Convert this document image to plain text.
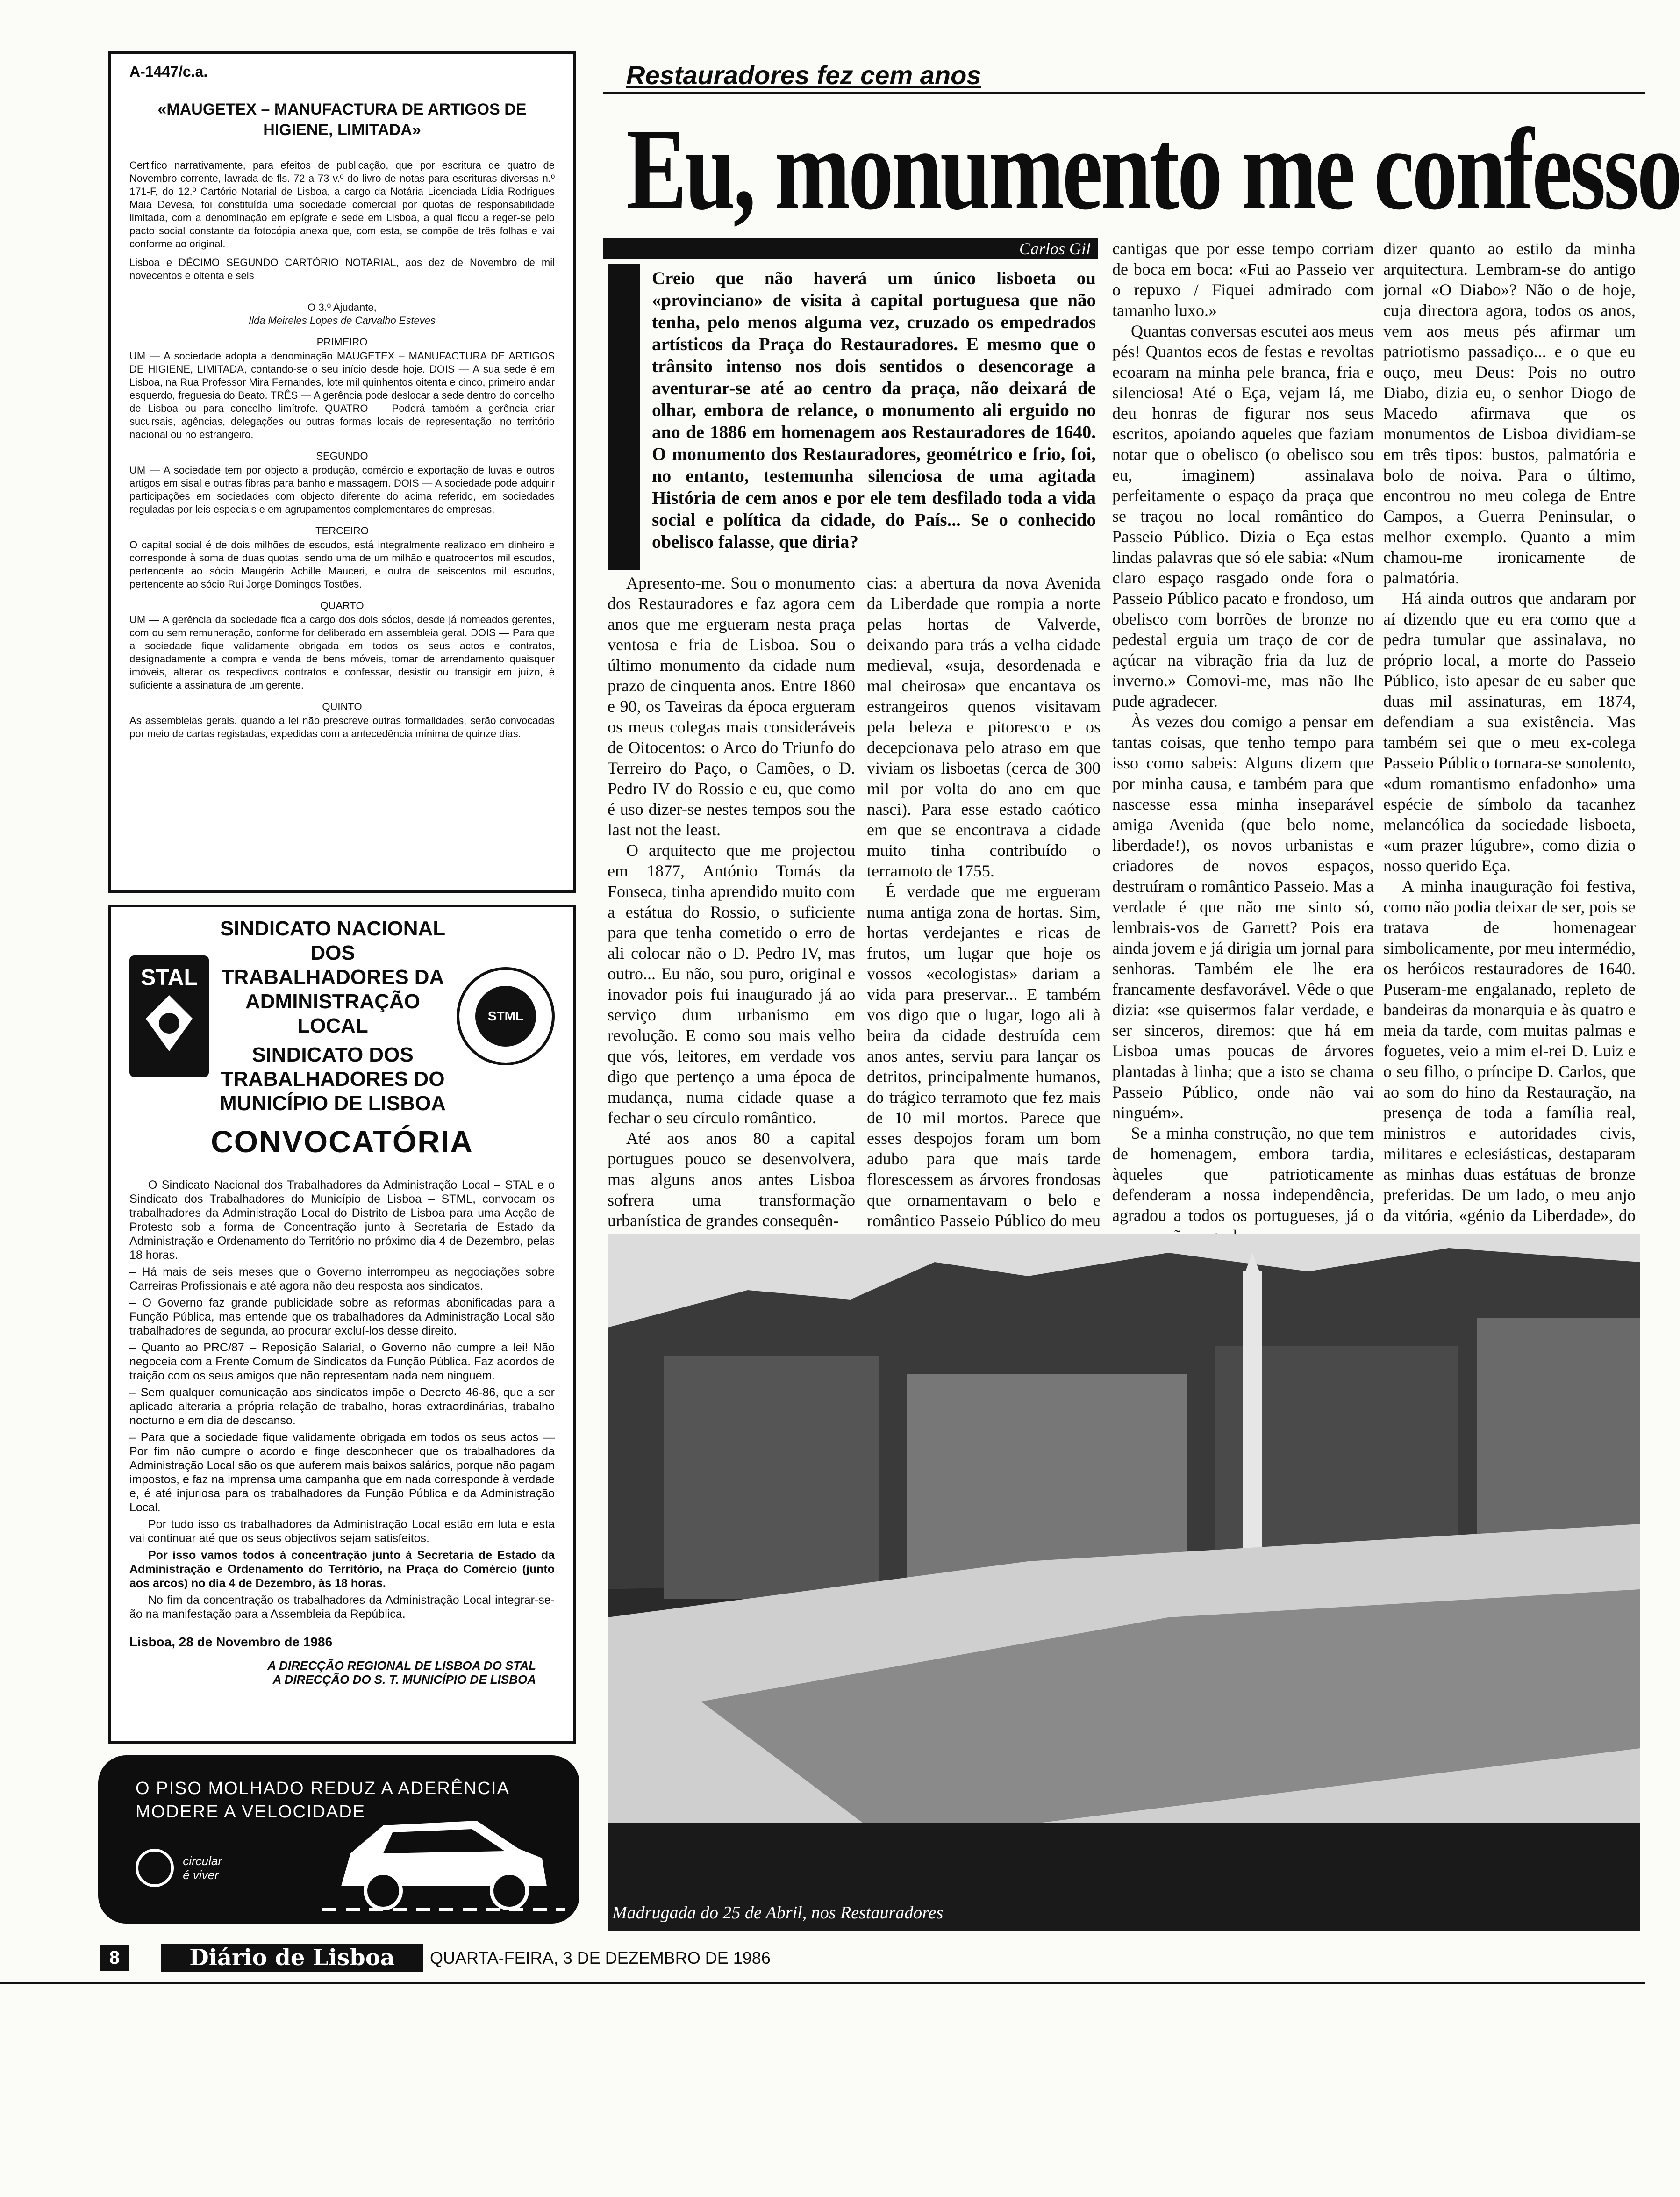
A-1447/c.a.
«MAUGETEX – MANUFACTURA DE ARTIGOS DE HIGIENE, LIMITADA»

Certifico narrativamente, para efeitos de publicação, que por escritura de quatro de Novembro corrente, lavrada de fls. 72 a 73 v.º do livro de notas para escrituras diversas n.º 171-F, do 12.º Cartório Notarial de Lisboa, a cargo da Notária Licenciada Lídia Rodrigues Maia Devesa, foi constituída uma sociedade comercial por quotas de responsabilidade limitada, com a denominação em epígrafe e sede em Lisboa, a qual ficou a reger-se pelo pacto social constante da fotocópia anexa que, com esta, se compõe de três folhas e vai conforme ao original.

Lisboa e DÉCIMO SEGUNDO CARTÓRIO NOTARIAL, aos dez de Novembro de mil novecentos e oitenta e seis

O 3.º Ajudante,
Ilda Meireles Lopes de Carvalho Esteves
PRIMEIRO

UM — A sociedade adopta a denominação MAUGETEX – MANUFACTURA DE ARTIGOS DE HIGIENE, LIMITADA, contando-se o seu início desde hoje. DOIS — A sua sede é em Lisboa, na Rua Professor Mira Fernandes, lote mil quinhentos oitenta e cinco, primeiro andar esquerdo, freguesia do Beato. TRÊS — A gerência pode deslocar a sede dentro do concelho de Lisboa ou para concelho limítrofe. QUATRO — Poderá também a gerência criar sucursais, agências, delegações ou outras formas locais de representação, no território nacional ou no estrangeiro.

SEGUNDO

UM — A sociedade tem por objecto a produção, comércio e exportação de luvas e outros artigos em sisal e outras fibras para banho e massagem. DOIS — A sociedade pode adquirir participações em sociedades com objecto diferente do acima referido, em sociedades reguladas por leis especiais e em agrupamentos complementares de empresas.

TERCEIRO

O capital social é de dois milhões de escudos, está integralmente realizado em dinheiro e corresponde à soma de duas quotas, sendo uma de um milhão e quatrocentos mil escudos, pertencente ao sócio Maugério Achille Mauceri, e outra de seiscentos mil escudos, pertencente ao sócio Rui Jorge Domingos Tostões.

QUARTO

UM — A gerência da sociedade fica a cargo dos dois sócios, desde já nomeados gerentes, com ou sem remuneração, conforme for deliberado em assembleia geral. DOIS — Para que a sociedade fique validamente obrigada em todos os seus actos e contratos, designadamente a compra e venda de bens móveis, tomar de arrendamento quaisquer imóveis, alterar os respectivos contratos e confessar, desistir ou transigir em juízo, é suficiente a assinatura de um gerente.

QUINTO

As assembleias gerais, quando a lei não prescreve outras formalidades, serão convocadas por meio de cartas registadas, expedidas com a antecedência mínima de quinze dias.

STAL
SINDICATO NACIONAL DOS TRABALHADORES DA ADMINISTRAÇÃO LOCAL
SINDICATO DOS TRABALHADORES DO MUNICÍPIO DE LISBOA
STML
CONVOCATÓRIA

O Sindicato Nacional dos Trabalhadores da Administração Local – STAL e o Sindicato dos Trabalhadores do Município de Lisboa – STML, convocam os trabalhadores da Administração Local do Distrito de Lisboa para uma Acção de Protesto sob a forma de Concentração junto à Secretaria de Estado da Administração e Ordenamento do Território no próximo dia 4 de Dezembro, pelas 18 horas.

– Há mais de seis meses que o Governo interrompeu as negociações sobre Carreiras Profissionais e até agora não deu resposta aos sindicatos.

– O Governo faz grande publicidade sobre as reformas abonificadas para a Função Pública, mas entende que os trabalhadores da Administração Local são trabalhadores de segunda, ao procurar excluí-los desse direito.

– Quanto ao PRC/87 – Reposição Salarial, o Governo não cumpre a lei! Não negoceia com a Frente Comum de Sindicatos da Função Pública. Faz acordos de traição com os seus amigos que não representam nada nem ninguém.

– Sem qualquer comunicação aos sindicatos impõe o Decreto 46-86, que a ser aplicado alteraria a própria relação de trabalho, horas extraordinárias, trabalho nocturno e em dia de descanso.

– Para que a sociedade fique validamente obrigada em todos os seus actos — Por fim não cumpre o acordo e finge desconhecer que os trabalhadores da Administração Local são os que auferem mais baixos salários, porque não pagam impostos, e faz na imprensa uma campanha que em nada corresponde à verdade e, é até injuriosa para os trabalhadores da Função Pública e da Administração Local.

Por tudo isso os trabalhadores da Administração Local estão em luta e esta vai continuar até que os seus objectivos sejam satisfeitos.

Por isso vamos todos à concentração junto à Secretaria de Estado da Administração e Ordenamento do Território, na Praça do Comércio (junto aos arcos) no dia 4 de Dezembro, às 18 horas.

No fim da concentração os trabalhadores da Administração Local integrar-se-ão na manifestação para a Assembleia da República.

Lisboa, 28 de Novembro de 1986

A DIRECÇÃO REGIONAL DE LISBOA DO STAL

A DIRECÇÃO DO S. T. MUNICÍPIO DE LISBOA

O PISO MOLHADO REDUZ A ADERÊNCIA
MODERE A VELOCIDADE
circular
é viver
Restauradores fez cem anos
Eu, monumento me confesso
Carlos Gil
Creio que não haverá um único lisboeta ou «provinciano» de visita à capital portuguesa que não tenha, pelo menos alguma vez, cruzado os empedrados artísticos da Praça do Restauradores. E mesmo que o trânsito intenso nos dois sentidos o desencorage a aventurar-se até ao centro da praça, não deixará de olhar, embora de relance, o monumento ali erguido no ano de 1886 em homenagem aos Restauradores de 1640. O monumento dos Restauradores, geométrico e frio, foi, no entanto, testemunha silenciosa de uma agitada História de cem anos e por ele tem desfilado toda a vida social e política da cidade, do País... Se o conhecido obelisco falasse, que diria?

Apresento-me. Sou o monumento dos Restauradores e faz agora cem anos que me ergueram nesta praça ventosa e fria de Lisboa. Sou o último monumento da cidade num prazo de cinquenta anos. Entre 1860 e 90, os Taveiras da época ergueram os meus colegas mais consideráveis de Oitocentos: o Arco do Triunfo do Terreiro do Paço, o Camões, o D. Pedro IV do Rossio e eu, que como é uso dizer-se nestes tempos sou the last not the least.

O arquitecto que me projectou em 1877, António Tomás da Fonseca, tinha aprendido muito com a estátua do Rossio, o suficiente para que tenha cometido o erro de ali colocar não o D. Pedro IV, mas outro... Eu não, sou puro, original e inovador pois fui inaugurado já ao serviço dum urbanismo em revolução. E como sou mais velho que vós, leitores, em verdade vos digo que pertenço a uma época de mudança, numa cidade quase a fechar o seu círculo romântico.

Até aos anos 80 a capital portugues pouco se desenvolvera, mas alguns anos antes Lisboa sofrera uma transformação urbanística de grandes consequên-

cias: a abertura da nova Avenida da Liberdade que rompia a norte pelas hortas de Valverde, deixando para trás a velha cidade medieval, «suja, desordenada e mal cheirosa» que encantava os estrangeiros quenos visitavam pela beleza e pitoresco e os decepcionava pelo atraso em que viviam os lisboetas (cerca de 300 mil por volta do ano em que nasci). Para esse estado caótico em que se encontrava a cidade muito tinha contribuído o terramoto de 1755.

É verdade que me ergueram numa antiga zona de hortas. Sim, hortas verdejantes e ricas de frutos, um lugar que hoje os vossos «ecologistas» dariam a vida para preservar... E também vos digo que o lugar, logo ali à beira da cidade destruída cem anos antes, serviu para lançar os detritos, principalmente humanos, do trágico terramoto que fez mais de 10 mil mortos. Parece que esses despojos foram um bom adubo para que mais tarde florescessem as árvores frondosas que ornamentavam o belo e romântico Passeio Público do meu

cantigas que por esse tempo corriam de boca em boca: «Fui ao Passeio ver o repuxo / Fiquei admirado com tamanho luxo.»

Quantas conversas escutei aos meus pés! Quantos ecos de festas e revoltas ecoaram na minha pele branca, fria e silenciosa! Até o Eça, vejam lá, me deu honras de figurar nos seus escritos, apoiando aqueles que faziam notar que o obelisco (o obelisco sou eu, imaginem) assinalava perfeitamente o espaço da praça que se traçou no local romântico do Passeio Público. Dizia o Eça estas lindas palavras que só ele sabia: «Num claro espaço rasgado onde fora o Passeio Público pacato e frondoso, um obelisco com borrões de bronze no pedestal erguia um traço de cor de açúcar na vibração fria da luz de inverno.» Comovi-me, mas não lhe pude agradecer.

Às vezes dou comigo a pensar em tantas coisas, que tenho tempo para isso como sabeis: Alguns dizem que por minha causa, e também para que nascesse essa minha inseparável amiga Avenida (que belo nome, liberdade!), os novos urbanistas e criadores de novos espaços, destruíram o romântico Passeio. Mas a verdade é que não me sinto só, lembrais-vos de Garrett? Pois era ainda jovem e já dirigia um jornal para senhoras. Também ele lhe era francamente desfavorável. Vêde o que dizia: «se quisermos falar verdade, e ser sinceros, diremos: que há em Lisboa umas poucas de árvores plantadas à linha; que a isto se chama Passeio Público, onde não vai ninguém».

Se a minha construção, no que tem de homenagem, embora tardia, àqueles que patrioticamente defenderam a nossa independência, agradou a todos os portugueses, já o

dizer quanto ao estilo da minha arquitectura. Lembram-se do antigo jornal «O Diabo»? Não o de hoje, cuja directora agora, todos os anos, vem aos meus pés afirmar um patriotismo passadiço... e o que eu ouço, meu Deus: Pois no outro Diabo, dizia eu, o senhor Diogo de Macedo afirmava que os monumentos de Lisboa dividiam-se em três tipos: bustos, palmatória e bolo de noiva. Para o último, encontrou no meu colega de Entre Campos, a Guerra Peninsular, o melhor exemplo. Quanto a mim chamou-me ironicamente de palmatória.

Há ainda outros que andaram por aí dizendo que eu era como que a pedra tumular que assinalava, no próprio local, a morte do Passeio Público, isto apesar de eu saber que duas mil assinaturas, em 1874, defendiam a sua existência. Mas também sei que o meu ex-colega Passeio Público tornara-se sonolento, «dum romantismo enfadonho» uma espécie de símbolo da tacanhez melancólica da sociedade lisboeta, «um prazer lúgubre», como dizia o nosso querido Eça.

A minha inauguração foi festiva, como não podia deixar de ser, pois se tratava de homenagear simbolicamente, por meu intermédio, os heróicos restauradores de 1640. Puseram-me engalanado, repleto de bandeiras da monarquia e às quatro e meia da tarde, com muitas palmas e foguetes, veio a mim el-rei D. Luiz e o seu filho, o príncipe D. Carlos, que ao som do hino da Restauração, na presença de toda a família real, ministros e autoridades civis, militares e eclesiásticas, destaparam as minhas duas estátuas de bronze preferidas. De um lado, o meu anjo da vitória, «génio da Liberdade», do

Madrugada do 25 de Abril, nos Restauradores
8	Diário de Lisboa	QUARTA-FEIRA, 3 DE DEZEMBRO DE 1986
